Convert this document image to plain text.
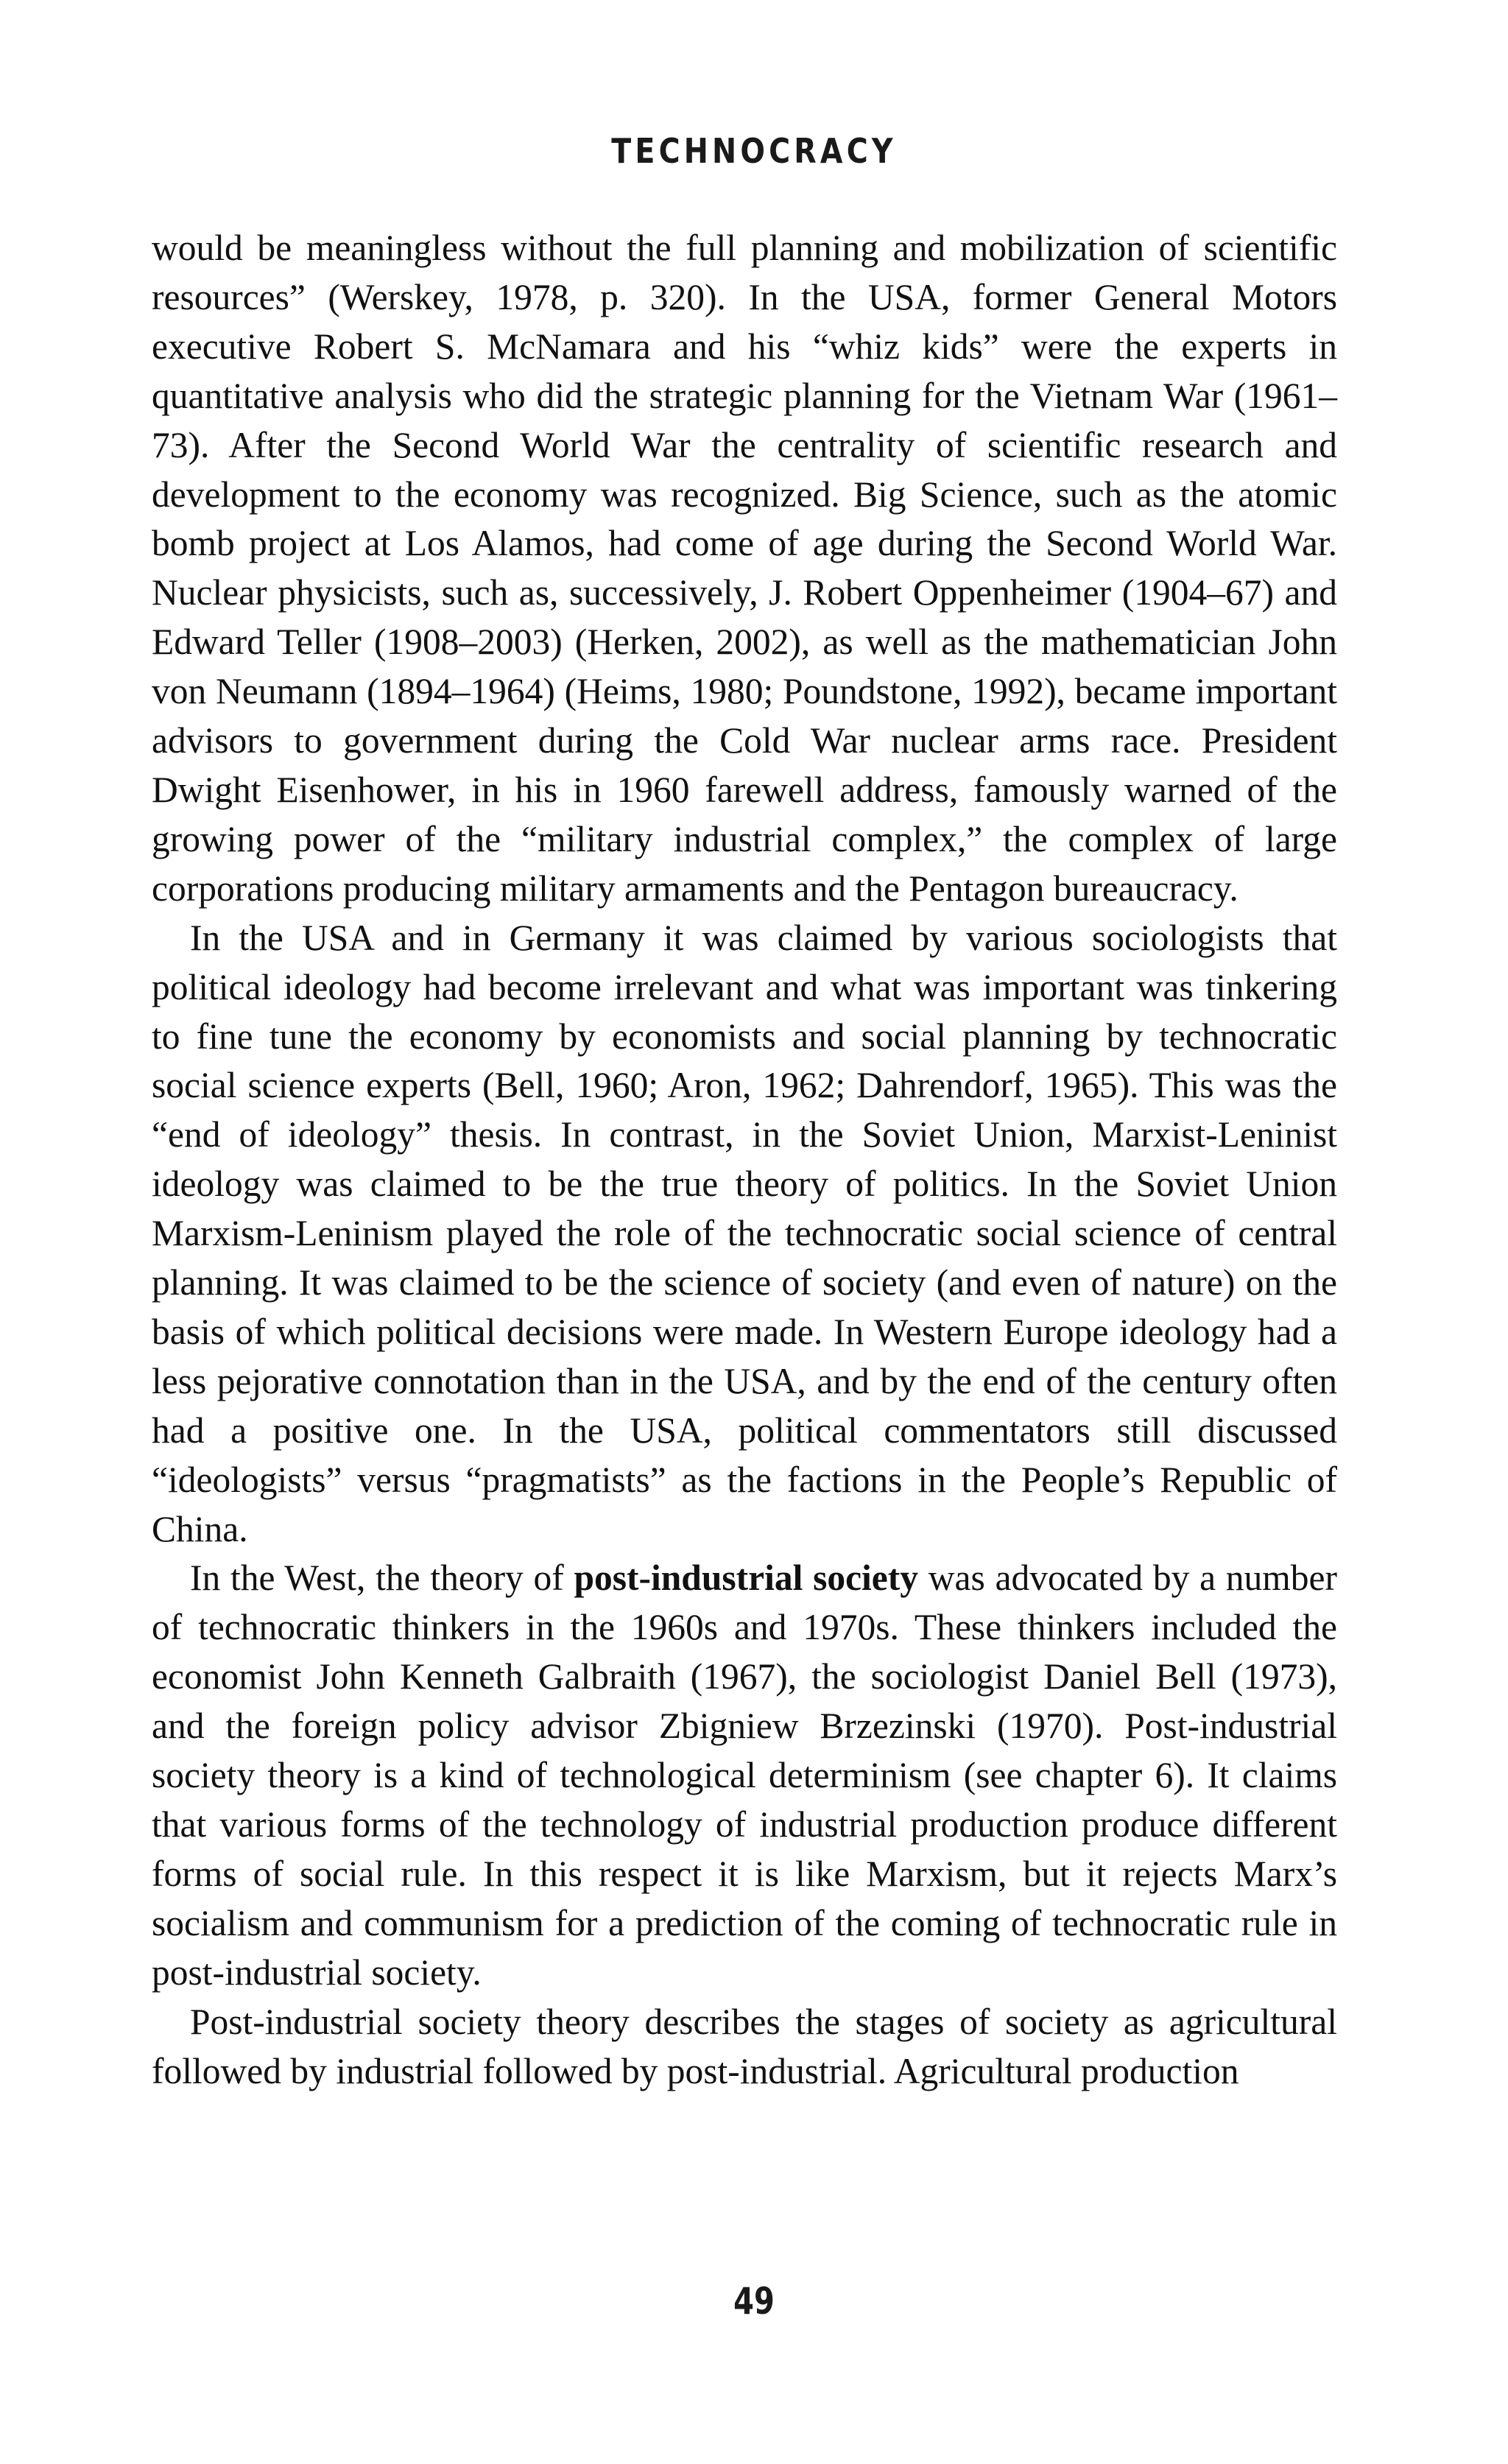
TECHNOCRACY

would be meaningless without the full planning and mobilization of scientific resources” (Werskey, 1978, p. 320). In the USA, former General Motors executive Robert S. McNamara and his “whiz kids” were the experts in quantitative analysis who did the strategic planning for the Vietnam War (1961–73). After the Second World War the centrality of scientific research and development to the economy was recognized. Big Science, such as the atomic bomb project at Los Alamos, had come of age during the Second World War. Nuclear physicists, such as, successively, J. Robert Oppenheimer (1904–67) and Edward Teller (1908–2003) (Herken, 2002), as well as the mathematician John von Neumann (1894–1964) (Heims, 1980; Poundstone, 1992), became important advisors to government during the Cold War nuclear arms race. President Dwight Eisenhower, in his in 1960 farewell address, famously warned of the growing power of the “military industrial complex,” the complex of large corporations producing military armaments and the Pentagon bureaucracy.

In the USA and in Germany it was claimed by various sociologists that political ideology had become irrelevant and what was important was tinkering to fine tune the economy by economists and social planning by technocratic social science experts (Bell, 1960; Aron, 1962; Dahrendorf, 1965). This was the “end of ideology” thesis. In contrast, in the Soviet Union, Marxist-Leninist ideology was claimed to be the true theory of politics. In the Soviet Union Marxism-Leninism played the role of the technocratic social science of central planning. It was claimed to be the science of society (and even of nature) on the basis of which political decisions were made. In Western Europe ideology had a less pejorative connotation than in the USA, and by the end of the century often had a positive one. In the USA, political commentators still discussed “ideologists” versus “pragmatists” as the factions in the People’s Republic of China.

In the West, the theory of post-industrial society was advocated by a number of technocratic thinkers in the 1960s and 1970s. These thinkers included the economist John Kenneth Galbraith (1967), the sociologist Daniel Bell (1973), and the foreign policy advisor Zbigniew Brzezinski (1970). Post-industrial society theory is a kind of technological determinism (see chapter 6). It claims that various forms of the technology of industrial production produce different forms of social rule. In this respect it is like Marxism, but it rejects Marx’s socialism and communism for a prediction of the coming of technocratic rule in post-industrial society.

Post-industrial society theory describes the stages of society as agricultural followed by industrial followed by post-industrial. Agricultural production

49
